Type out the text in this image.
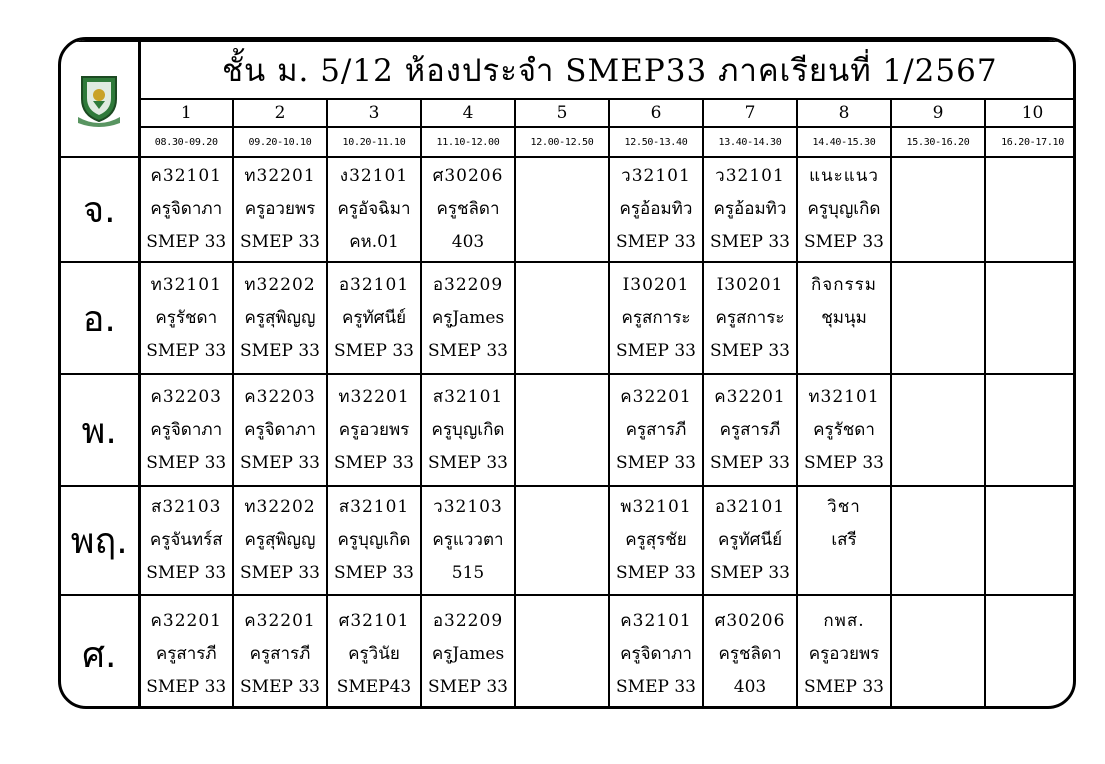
	ชั้น ม. 5/12 ห้องประจำ SMEP33 ภาคเรียนที่ 1/2567									
	1	2	3	4	5	6	7	8	9	10
	08.30-09.20	09.20-10.10	10.20-11.10	11.10-12.00	12.00-12.50	12.50-13.40	13.40-14.30	14.40-15.30	15.30-16.20	16.20-17.10
จ.	ค32101
ครูจิดาภา
SMEP 33	ท32201
ครูอวยพร
SMEP 33	ง32101
ครูอัจฉิมา
คห.01	ศ30206
ครูชลิดา
403		ว32101
ครูอ้อมทิว
SMEP 33	ว32101
ครูอ้อมทิว
SMEP 33	แนะแนว
ครูบุญเกิด
SMEP 33		

อ.	ท32101
ครูรัชดา
SMEP 33	ท32202
ครูสุพิญญ
SMEP 33	อ32101
ครูทัศนีย์
SMEP 33	อ32209
ครูJames
SMEP 33		I30201
ครูสการะ
SMEP 33	I30201
ครูสการะ
SMEP 33	กิจกรรม
ชุมนุม		

พ.	ค32203
ครูจิดาภา
SMEP 33	ค32203
ครูจิดาภา
SMEP 33	ท32201
ครูอวยพร
SMEP 33	ส32101
ครูบุญเกิด
SMEP 33		ค32201
ครูสารภี
SMEP 33	ค32201
ครูสารภี
SMEP 33	ท32101
ครูรัชดา
SMEP 33		

พฤ.	ส32103
ครูจันทร์ส
SMEP 33	ท32202
ครูสุพิญญ
SMEP 33	ส32101
ครูบุญเกิด
SMEP 33	ว32103
ครูแววตา
515		พ32101
ครูสุรชัย
SMEP 33	อ32101
ครูทัศนีย์
SMEP 33	วิชา
เสรี		

ศ.	ค32201
ครูสารภี
SMEP 33	ค32201
ครูสารภี
SMEP 33	ศ32101
ครูวินัย
SMEP43	อ32209
ครูJames
SMEP 33		ค32101
ครูจิดาภา
SMEP 33	ศ30206
ครูชลิดา
403	กพส.
ครูอวยพร
SMEP 33		
